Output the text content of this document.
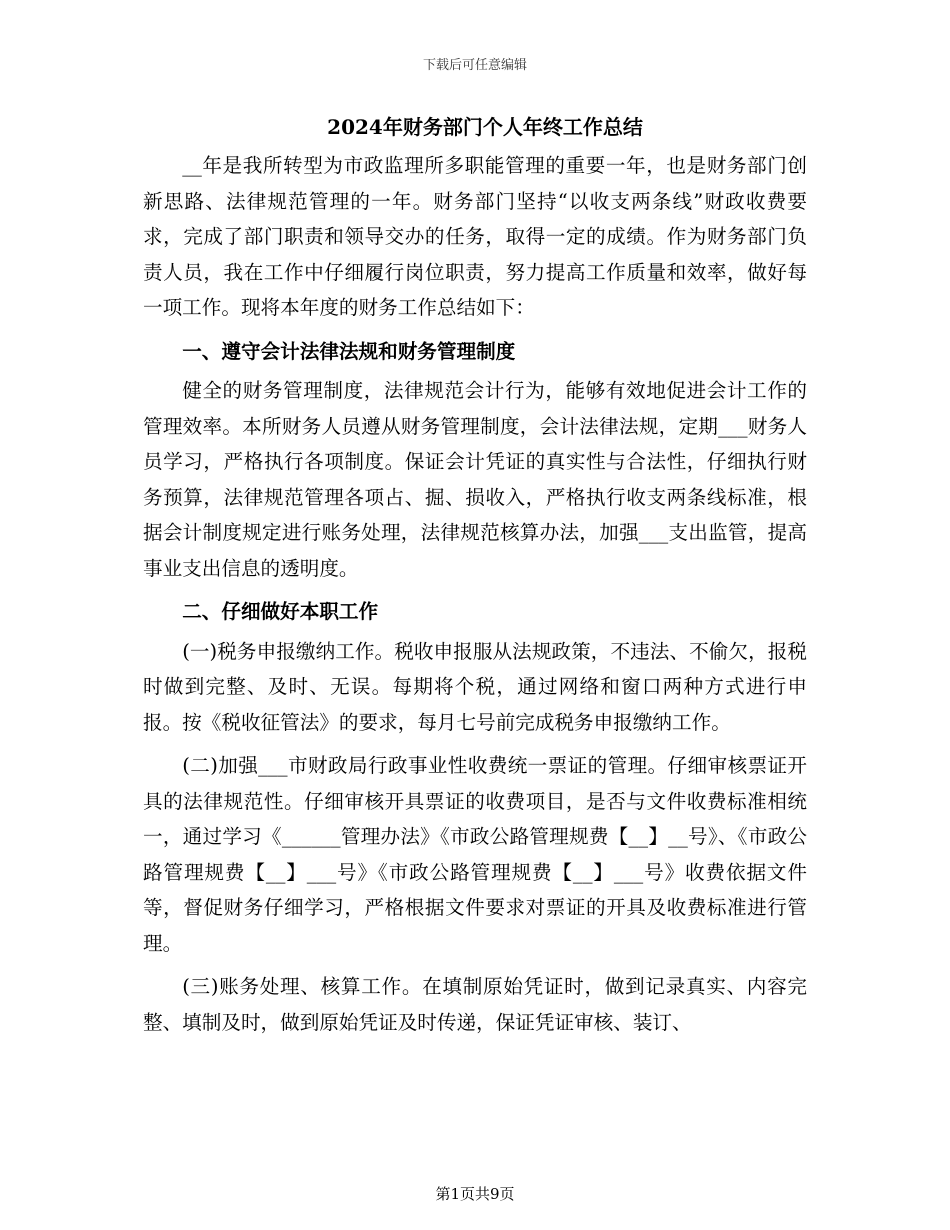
下载后可任意编辑
2024年财务部门个人年终工作总结

__年是我所转型为市政监理所多职能管理的重要一年，也是财务部门创新思路、法律规范管理的一年。财务部门坚持“以收支两条线”财政收费要求，完成了部门职责和领导交办的任务，取得一定的成绩。作为财务部门负责人员，我在工作中仔细履行岗位职责，努力提高工作质量和效率，做好每一项工作。现将本年度的财务工作总结如下：

一、遵守会计法律法规和财务管理制度

健全的财务管理制度，法律规范会计行为，能够有效地促进会计工作的管理效率。本所财务人员遵从财务管理制度，会计法律法规，定期___财务人员学习，严格执行各项制度。保证会计凭证的真实性与合法性，仔细执行财务预算，法律规范管理各项占、掘、损收入，严格执行收支两条线标准，根据会计制度规定进行账务处理，法律规范核算办法，加强___支出监管，提高事业支出信息的透明度。

二、仔细做好本职工作

(一)税务申报缴纳工作。税收申报服从法规政策，不违法、不偷欠，报税时做到完整、及时、无误。每期将个税，通过网络和窗口两种方式进行申报。按《税收征管法》的要求，每月七号前完成税务申报缴纳工作。

(二)加强___市财政局行政事业性收费统一票证的管理。仔细审核票证开具的法律规范性。仔细审核开具票证的收费项目，是否与文件收费标准相统一，通过学习《______管理办法》《市政公路管理规费【__】__号》、《市政公路管理规费【__】___号》《市政公路管理规费【__】___号》收费依据文件等，督促财务仔细学习，严格根据文件要求对票证的开具及收费标准进行管理。

(三)账务处理、核算工作。在填制原始凭证时，做到记录真实、内容完整、填制及时，做到原始凭证及时传递，保证凭证审核、装订、

第1页共9页
